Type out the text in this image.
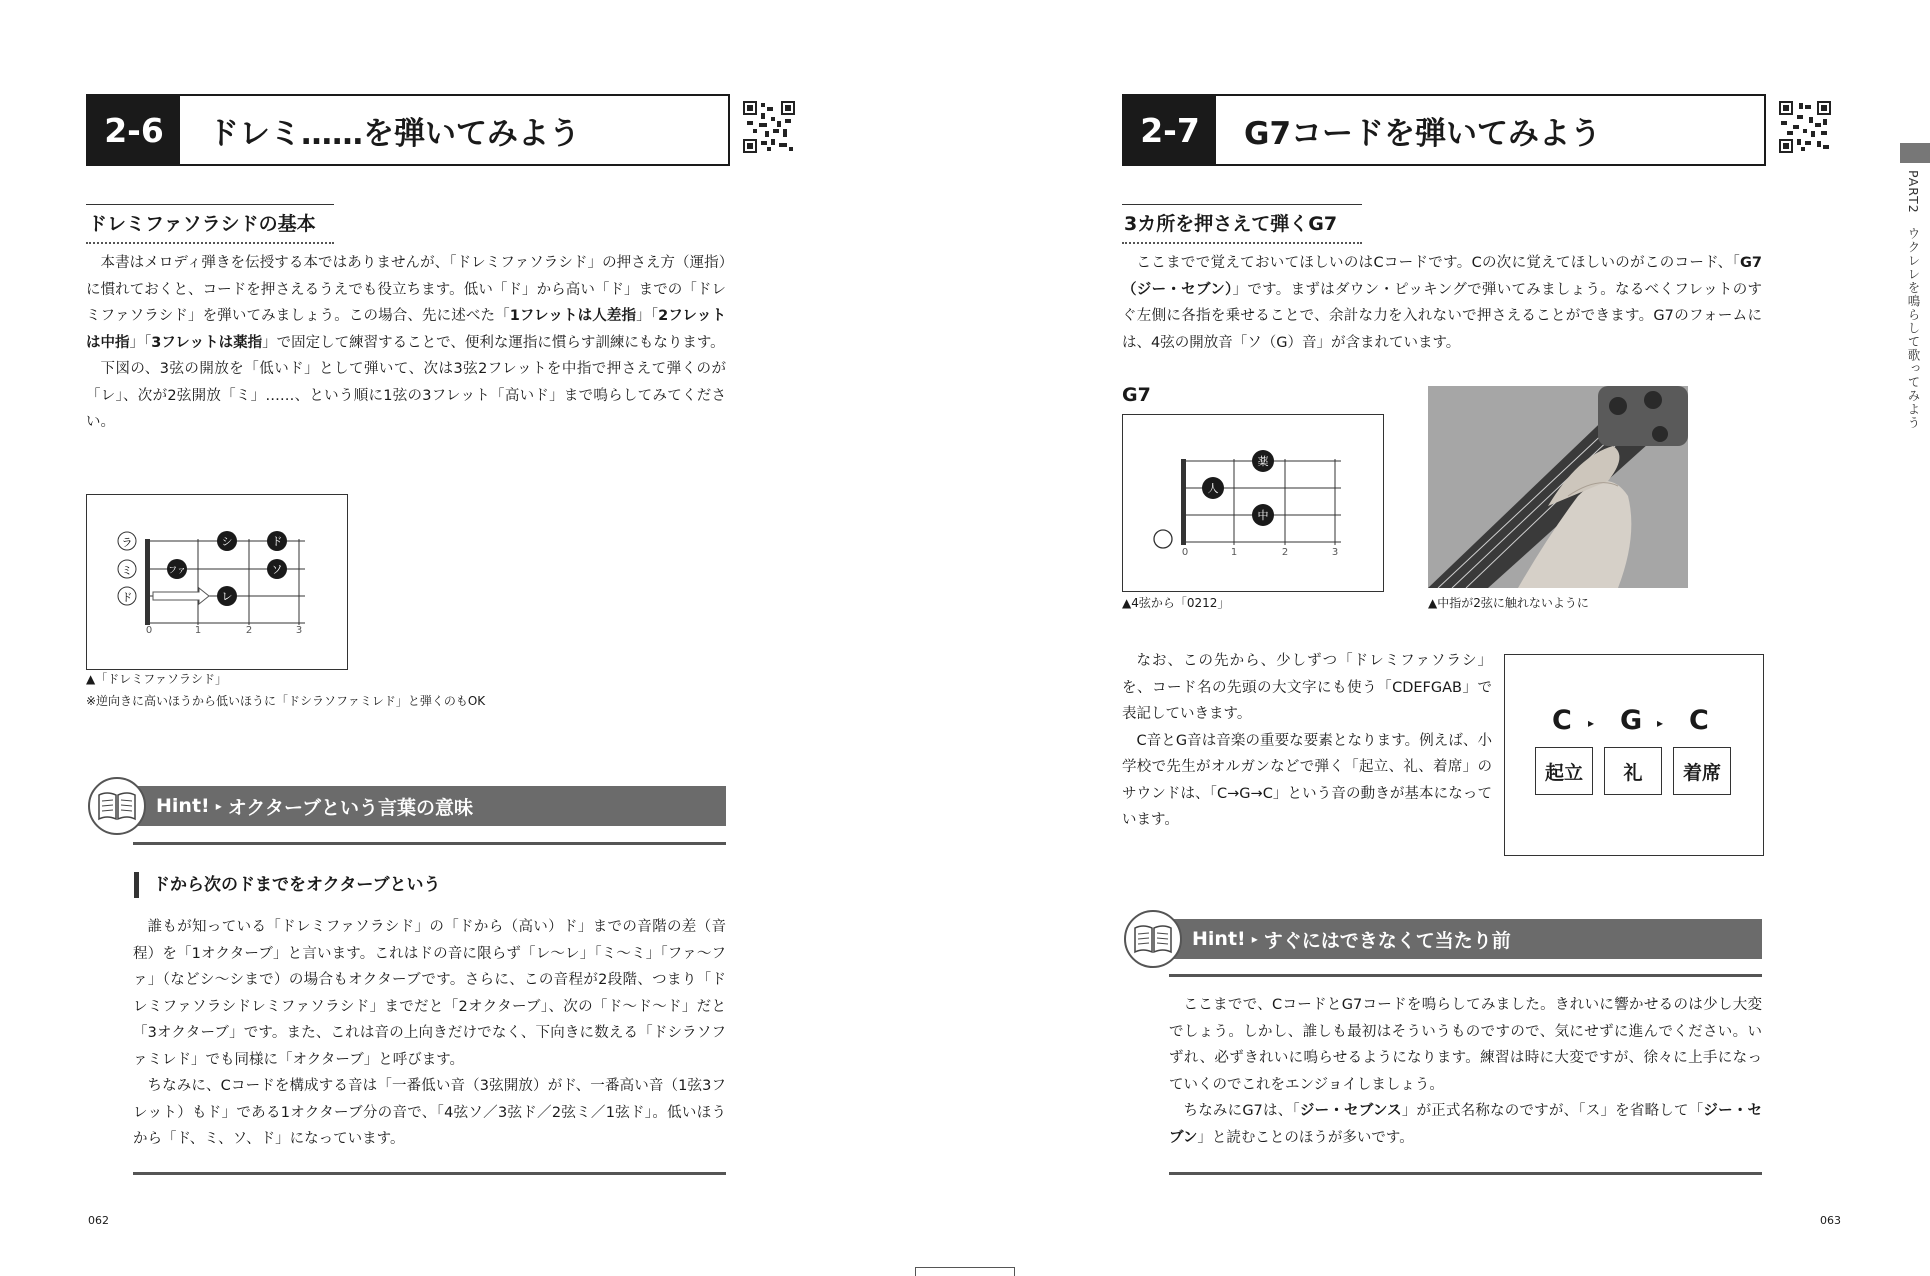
2-6	ドレミ……を弾いてみよう
ドレミファソラシドの基本

本書はメロディ弾きを伝授する本ではありませんが、「ドレミファソラシド」の押さえ方（運指）に慣れておくと、コードを押さえるうえでも役立ちます。低い「ド」から高い「ド」までの「ドレミファソラシド」を弾いてみましょう。この場合、先に述べた「1フレットは人差指」「2フレットは中指」「3フレットは薬指」で固定して練習することで、便利な運指に慣らす訓練にもなります。

下図の、3弦の開放を「低いド」として弾いて、次は3弦2フレットを中指で押さえて弾くのが「レ」、次が2弦開放「ミ」……、という順に1弦の3フレット「高いド」まで鳴らしてみてください。

ラ
ミ
ド
シ	ド
ファ	ソ
レ
0	1	2	3
▲「ドレミファソラシド」
※逆向きに高いほうから低いほうに「ドシラソファミレド」と弾くのもOK
Hint! ▸ オクターブという言葉の意味
ドから次のドまでをオクターブという

誰もが知っている「ドレミファソラシド」の「ドから（高い）ド」までの音階の差（音程）を「1オクターブ」と言います。これはドの音に限らず「レ〜レ」「ミ〜ミ」「ファ〜ファ」（などシ〜シまで）の場合もオクターブです。さらに、この音程が2段階、つまり「ドレミファソラシドレミファソラシド」までだと「2オクターブ」、次の「ド〜ド〜ド」だと「3オクターブ」です。また、これは音の上向きだけでなく、下向きに数える「ドシラソファミレド」でも同様に「オクターブ」と呼びます。

ちなみに、Cコードを構成する音は「一番低い音（3弦開放）がド、一番高い音（1弦3フレット）もド」である1オクターブ分の音で、「4弦ソ／3弦ド／2弦ミ／1弦ド」。低いほうから「ド、ミ、ソ、ド」になっています。

062
2-7	G7コードを弾いてみよう
3カ所を押さえて弾くG7

ここまでで覚えておいてほしいのはCコードです。Cの次に覚えてほしいのがこのコード、「G7（ジー・セブン）」です。まずはダウン・ピッキングで弾いてみましょう。なるべくフレットのすぐ左側に各指を乗せることで、余計な力を入れないで押さえることができます。G7のフォームには、4弦の開放音「ソ（G）音」が含まれています。

G7
薬
人
中
0	1	2	3
▲4弦から「0212」	▲中指が2弦に触れないように

なお、この先から、少しずつ「ドレミファソラシ」を、コード名の先頭の大文字にも使う「CDEFGAB」で表記していきます。

C音とG音は音楽の重要な要素となります。例えば、小学校で先生がオルガンなどで弾く「起立、礼、着席」のサウンドは、「C→G→C」という音の動きが基本になっています。

C ▸ G ▸ C
起立	礼	着席
Hint! ▸ すぐにはできなくて当たり前

ここまでで、CコードとG7コードを鳴らしてみました。きれいに響かせるのは少し大変でしょう。しかし、誰しも最初はそういうものですので、気にせずに進んでください。いずれ、必ずきれいに鳴らせるようになります。練習は時に大変ですが、徐々に上手になっていくのでこれをエンジョイしましょう。

ちなみにG7は、「ジー・セブンス」が正式名称なのですが、「ス」を省略して「ジー・セブン」と読むことのほうが多いです。

063
PART2　ウクレレを鳴らして歌ってみよう
